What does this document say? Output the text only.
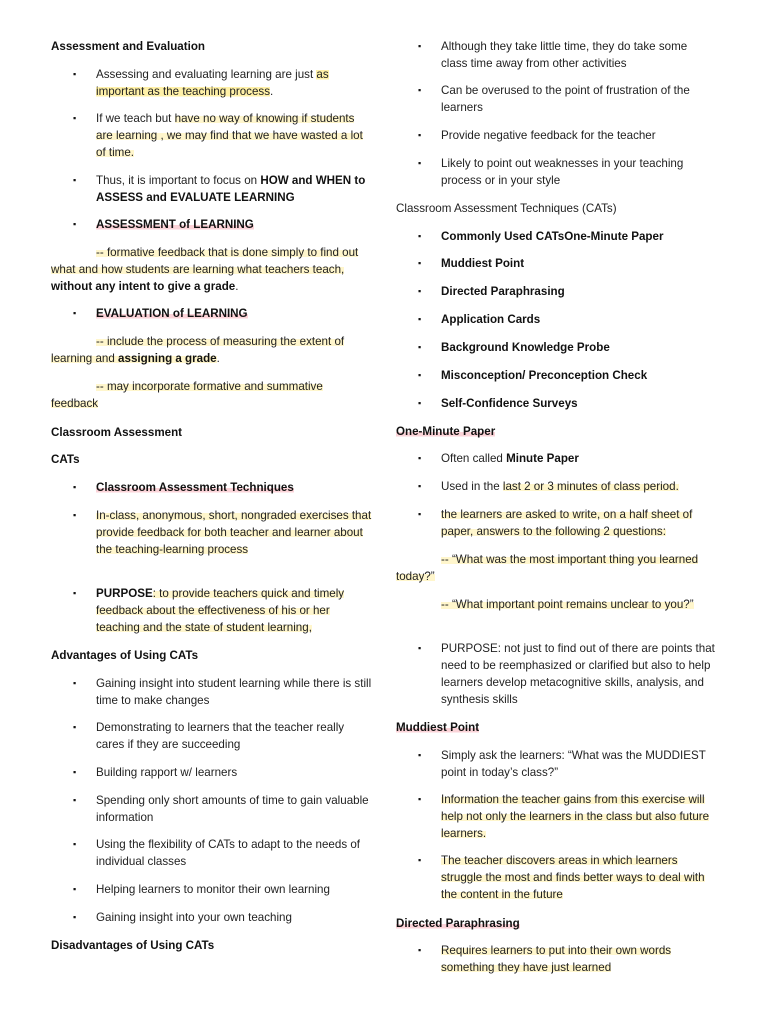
Assessment and Evaluation

▪ Assessing and evaluating learning are just as important as the teaching process.

▪ If we teach but have no way of knowing if students are learning , we may find that we have wasted a lot of time.

▪ Thus, it is important to focus on HOW and WHEN to ASSESS and EVALUATE LEARNING

▪ ASSESSMENT of LEARNING

-- formative feedback that is done simply to find out what and how students are learning what teachers teach, without any intent to give a grade.

▪ EVALUATION of LEARNING

-- include the process of measuring the extent of learning and assigning a grade.

-- may incorporate formative and summative feedback

Classroom Assessment

CATs

▪ Classroom Assessment Techniques

▪ In-class, anonymous, short, nongraded exercises that provide feedback for both teacher and learner about the teaching-learning process

▪ PURPOSE: to provide teachers quick and timely feedback about the effectiveness of his or her teaching and the state of student learning,

Advantages of Using CATs

▪ Gaining insight into student learning while there is still time to make changes

▪ Demonstrating to learners that the teacher really cares if they are succeeding

▪ Building rapport w/ learners

▪ Spending only short amounts of time to gain valuable information

▪ Using the flexibility of CATs to adapt to the needs of individual classes

▪ Helping learners to monitor their own learning

▪ Gaining insight into your own teaching

Disadvantages of Using CATs

▪ Although they take little time, they do take some class time away from other activities

▪ Can be overused to the point of frustration of the learners

▪ Provide negative feedback for the teacher

▪ Likely to point out weaknesses in your teaching process or in your style

Classroom Assessment Techniques (CATs)

▪ Commonly Used CATsOne-Minute Paper

▪ Muddiest Point

▪ Directed Paraphrasing

▪ Application Cards

▪ Background Knowledge Probe

▪ Misconception/ Preconception Check

▪ Self-Confidence Surveys

One-Minute Paper

▪ Often called Minute Paper

▪ Used in the last 2 or 3 minutes of class period.

▪ the learners are asked to write, on a half sheet of paper, answers to the following 2 questions:

-- “What was the most important thing you learned today?”

-- “What important point remains unclear to you?”

▪ PURPOSE: not just to find out of there are points that need to be reemphasized or clarified but also to help learners develop metacognitive skills, analysis, and synthesis skills

Muddiest Point

▪ Simply ask the learners: “What was the MUDDIEST point in today’s class?”

▪ Information the teacher gains from this exercise will help not only the learners in the class but also future learners.

▪ The teacher discovers areas in which learners struggle the most and finds better ways to deal with the content in the future

Directed Paraphrasing

▪ Requires learners to put into their own words something they have just learned
